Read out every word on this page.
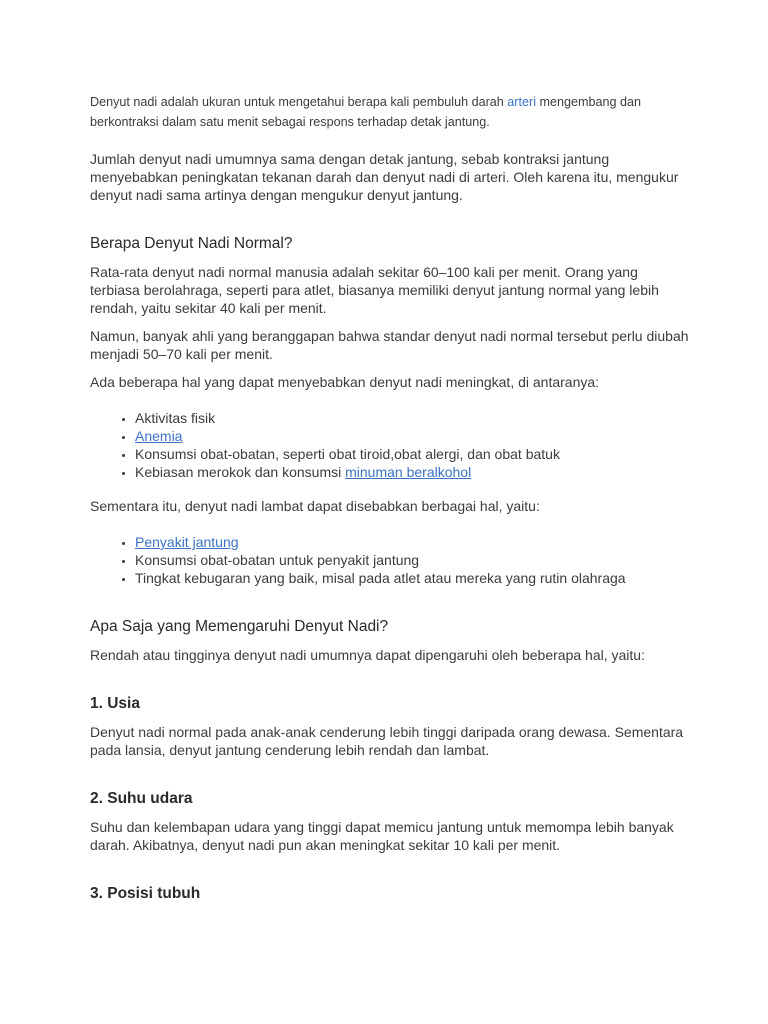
Denyut nadi adalah ukuran untuk mengetahui berapa kali pembuluh darah arteri mengembang dan berkontraksi dalam satu menit sebagai respons terhadap detak jantung.

Jumlah denyut nadi umumnya sama dengan detak jantung, sebab kontraksi jantung menyebabkan peningkatan tekanan darah dan denyut nadi di arteri. Oleh karena itu, mengukur denyut nadi sama artinya dengan mengukur denyut jantung.

Berapa Denyut Nadi Normal?

Rata-rata denyut nadi normal manusia adalah sekitar 60–100 kali per menit. Orang yang terbiasa berolahraga, seperti para atlet, biasanya memiliki denyut jantung normal yang lebih rendah, yaitu sekitar 40 kali per menit.

Namun, banyak ahli yang beranggapan bahwa standar denyut nadi normal tersebut perlu diubah menjadi 50–70 kali per menit.

Ada beberapa hal yang dapat menyebabkan denyut nadi meningkat, di antaranya:

• Aktivitas fisik
• Anemia
• Konsumsi obat-obatan, seperti obat tiroid,obat alergi, dan obat batuk
• Kebiasan merokok dan konsumsi minuman beralkohol

Sementara itu, denyut nadi lambat dapat disebabkan berbagai hal, yaitu:

• Penyakit jantung
• Konsumsi obat-obatan untuk penyakit jantung
• Tingkat kebugaran yang baik, misal pada atlet atau mereka yang rutin olahraga
Apa Saja yang Memengaruhi Denyut Nadi?

Rendah atau tingginya denyut nadi umumnya dapat dipengaruhi oleh beberapa hal, yaitu:

1. Usia

Denyut nadi normal pada anak-anak cenderung lebih tinggi daripada orang dewasa. Sementara pada lansia, denyut jantung cenderung lebih rendah dan lambat.

2. Suhu udara

Suhu dan kelembapan udara yang tinggi dapat memicu jantung untuk memompa lebih banyak darah. Akibatnya, denyut nadi pun akan meningkat sekitar 10 kali per menit.

3. Posisi tubuh
